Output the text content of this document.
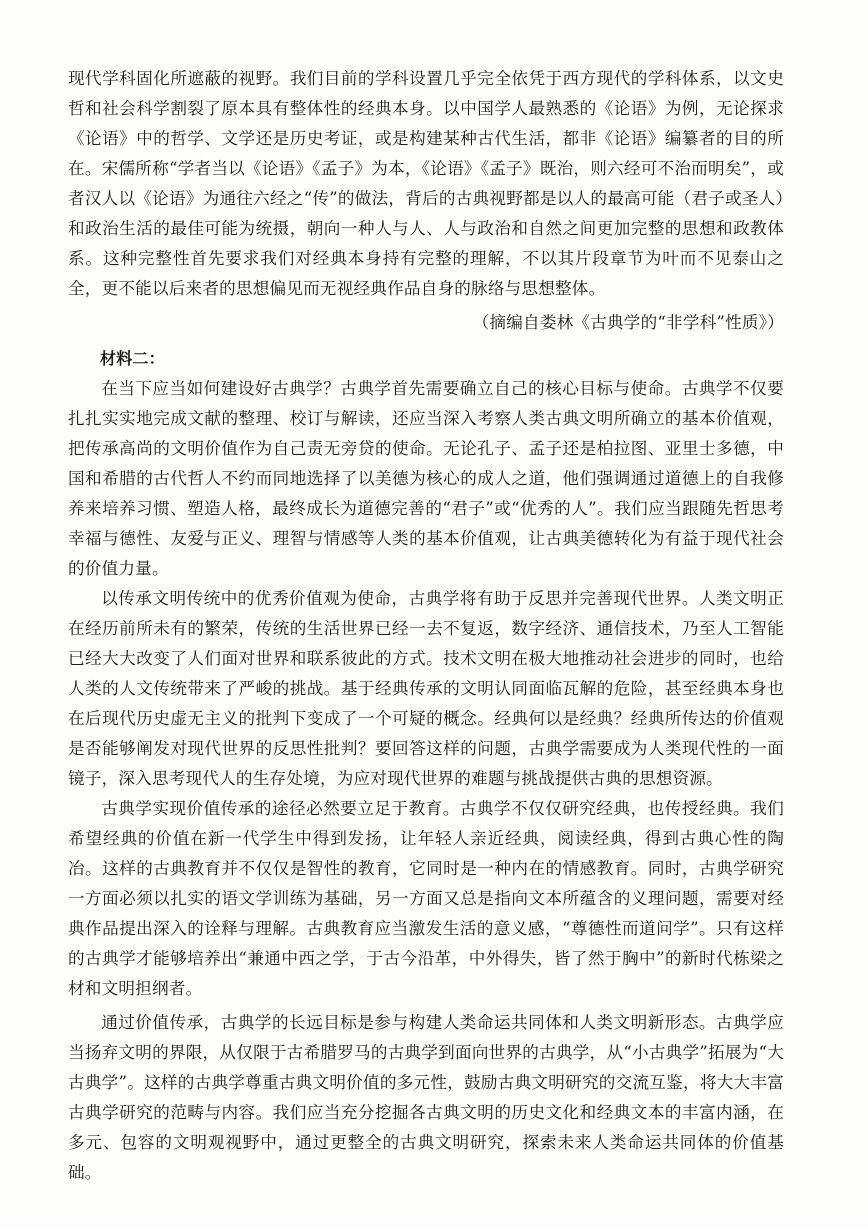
现代学科固化所遮蔽的视野。我们目前的学科设置几乎完全依凭于西方现代的学科体系，以文史哲和社会科学割裂了原本具有整体性的经典本身。以中国学人最熟悉的《论语》为例，无论探求《论语》中的哲学、文学还是历史考证，或是构建某种古代生活，都非《论语》编纂者的目的所在。宋儒所称“学者当以《论语》《孟子》为本，《论语》《孟子》既治，则六经可不治而明矣”，或者汉人以《论语》为通往六经之“传”的做法，背后的古典视野都是以人的最高可能（君子或圣人）和政治生活的最佳可能为统摄，朝向一种人与人、人与政治和自然之间更加完整的思想和政教体系。这种完整性首先要求我们对经典本身持有完整的理解，不以其片段章节为叶而不见泰山之全，更不能以后来者的思想偏见而无视经典作品自身的脉络与思想整体。

（摘编自娄林《古典学的“非学科”性质》）

材料二：

在当下应当如何建设好古典学？古典学首先需要确立自己的核心目标与使命。古典学不仅要扎扎实实地完成文献的整理、校订与解读，还应当深入考察人类古典文明所确立的基本价值观，把传承高尚的文明价值作为自己责无旁贷的使命。无论孔子、孟子还是柏拉图、亚里士多德，中国和希腊的古代哲人不约而同地选择了以美德为核心的成人之道，他们强调通过道德上的自我修养来培养习惯、塑造人格，最终成长为道德完善的“君子”或“优秀的人”。我们应当跟随先哲思考幸福与德性、友爱与正义、理智与情感等人类的基本价值观，让古典美德转化为有益于现代社会的价值力量。

以传承文明传统中的优秀价值观为使命，古典学将有助于反思并完善现代世界。人类文明正在经历前所未有的繁荣，传统的生活世界已经一去不复返，数字经济、通信技术，乃至人工智能已经大大改变了人们面对世界和联系彼此的方式。技术文明在极大地推动社会进步的同时，也给人类的人文传统带来了严峻的挑战。基于经典传承的文明认同面临瓦解的危险，甚至经典本身也在后现代历史虚无主义的批判下变成了一个可疑的概念。经典何以是经典？经典所传达的价值观是否能够阐发对现代世界的反思性批判？要回答这样的问题，古典学需要成为人类现代性的一面镜子，深入思考现代人的生存处境，为应对现代世界的难题与挑战提供古典的思想资源。

古典学实现价值传承的途径必然要立足于教育。古典学不仅仅研究经典，也传授经典。我们希望经典的价值在新一代学生中得到发扬，让年轻人亲近经典，阅读经典，得到古典心性的陶冶。这样的古典教育并不仅仅是智性的教育，它同时是一种内在的情感教育。同时，古典学研究一方面必须以扎实的语文学训练为基础，另一方面又总是指向文本所蕴含的义理问题，需要对经典作品提出深入的诠释与理解。古典教育应当激发生活的意义感，“尊德性而道问学”。只有这样的古典学才能够培养出“兼通中西之学，于古今沿革，中外得失，皆了然于胸中”的新时代栋梁之材和文明担纲者。

通过价值传承，古典学的长远目标是参与构建人类命运共同体和人类文明新形态。古典学应当扬弃文明的界限，从仅限于古希腊罗马的古典学到面向世界的古典学，从“小古典学”拓展为“大古典学”。这样的古典学尊重古典文明价值的多元性，鼓励古典文明研究的交流互鉴，将大大丰富古典学研究的范畴与内容。我们应当充分挖掘各古典文明的历史文化和经典文本的丰富内涵，在多元、包容的文明观视野中，通过更整全的古典文明研究，探索未来人类命运共同体的价值基础。
